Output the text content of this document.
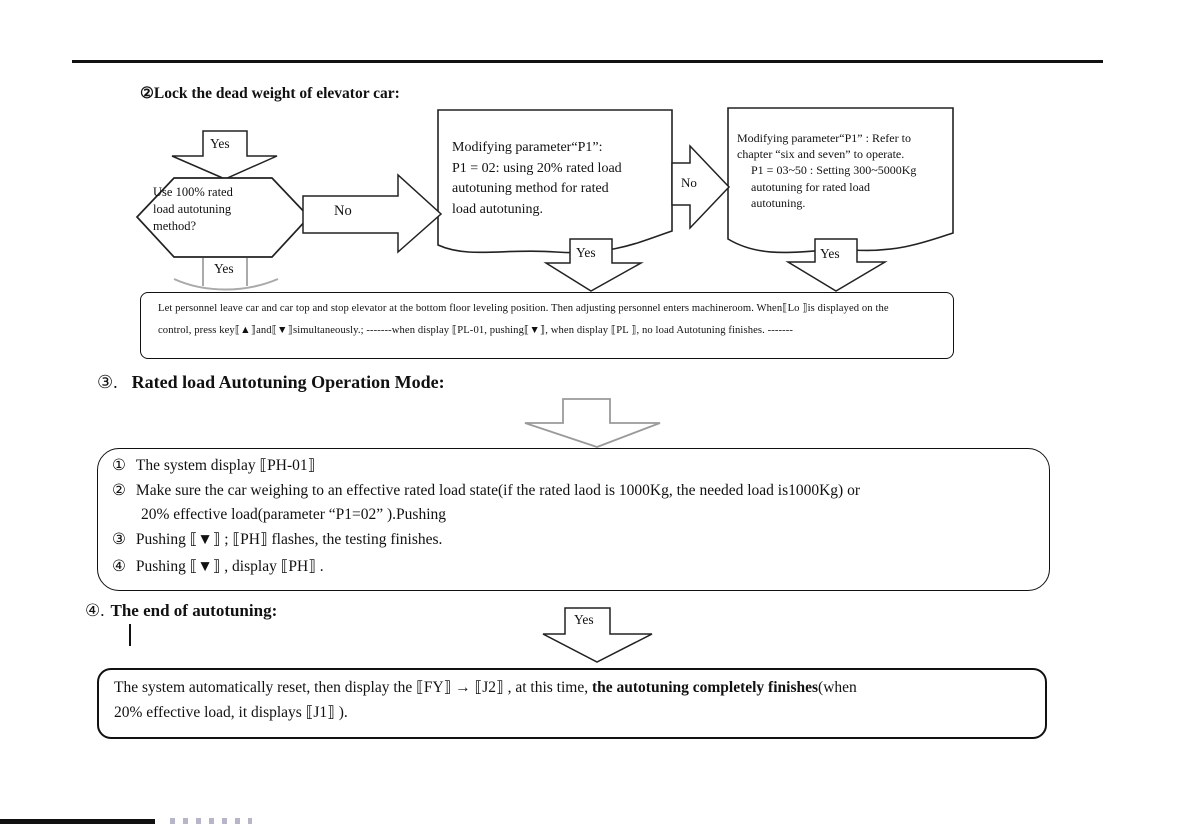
②Lock the dead weight of elevator car:
Yes
Use 100% rated
load autotuning
method?
No
Modifying parameter“P1”:
P1 = 02: using 20% rated load
autotuning method for rated
load autotuning.
No
Modifying parameter“P1” : Refer to
chapter “six and seven” to operate.
P1 = 03~50 : Setting 300~5000Kg
autotuning for rated load
autotuning.
Yes
Yes	Yes
Let personnel leave car and car top and stop elevator at the bottom floor leveling position. Then adjusting personnel enters machineroom. When⟦Lo ⟧is displayed on the
control, press key⟦▲⟧and⟦▼⟧simultaneously.; -------when display ⟦PL-01, pushing⟦▼⟧, when display ⟦PL ⟧, no load Autotuning finishes. -------
③. Rated load Autotuning Operation Mode:
① The system display ⟦PH-01⟧
② Make sure the car weighing to an effective rated load state(if the rated laod is 1000Kg, the needed load is1000Kg) or
20% effective load(parameter “P1=02” ).Pushing
③ Pushing ⟦▼⟧ ; ⟦PH⟧ flashes, the testing finishes.
④ Pushing ⟦▼⟧ , display ⟦PH⟧ .
④. The end of autotuning:	Yes
The system automatically reset, then display the ⟦FY⟧ → ⟦J2⟧ , at this time, the autotuning completely finishes(when
20% effective load, it displays ⟦J1⟧ ).
